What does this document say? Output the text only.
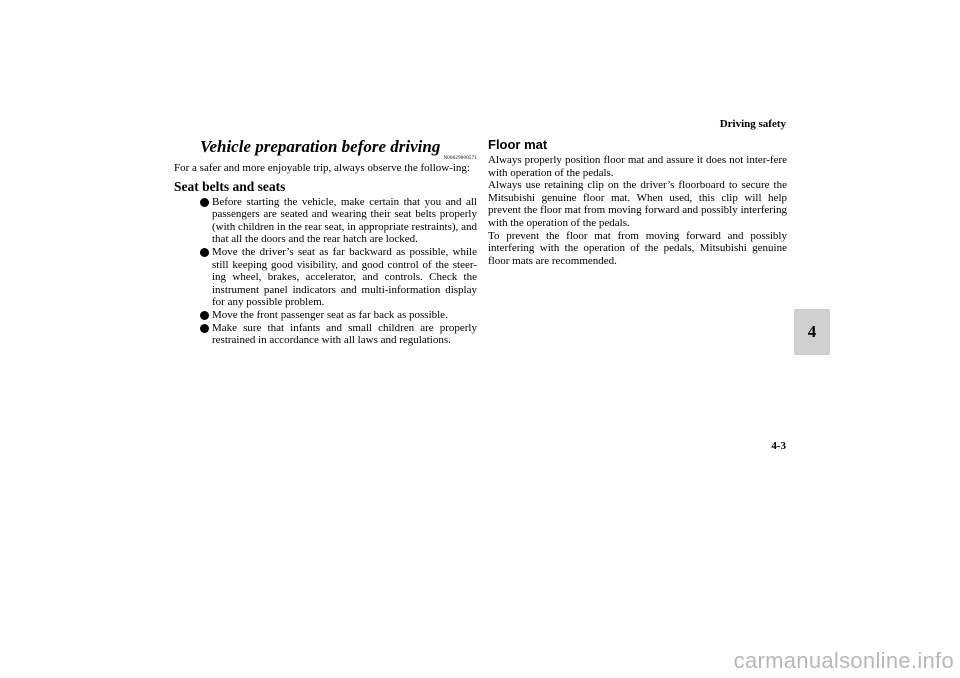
Driving safety
Vehicle preparation before driving
N00629000571

For a safer and more enjoyable trip, always observe the follow-ing:

Seat belts and seats
Before starting the vehicle, make certain that you and all passengers are seated and wearing their seat belts properly (with children in the rear seat, in appropriate restraints), and that all the doors and the rear hatch are locked.
Move the driver’s seat as far backward as possible, while still keeping good visibility, and good control of the steer-ing wheel, brakes, accelerator, and controls. Check the instrument panel indicators and multi-information display for any possible problem.
Move the front passenger seat as far back as possible.
Make sure that infants and small children are properly restrained in accordance with all laws and regulations.
Floor mat

Always properly position floor mat and assure it does not inter-fere with operation of the pedals.

Always use retaining clip on the driver’s floorboard to secure the Mitsubishi genuine floor mat. When used, this clip will help prevent the floor mat from moving forward and possibly interfering with the operation of the pedals.

To prevent the floor mat from moving forward and possibly interfering with the operation of the pedals, Mitsubishi genuine floor mats are recommended.

4
4-3
carmanualsonline.info
